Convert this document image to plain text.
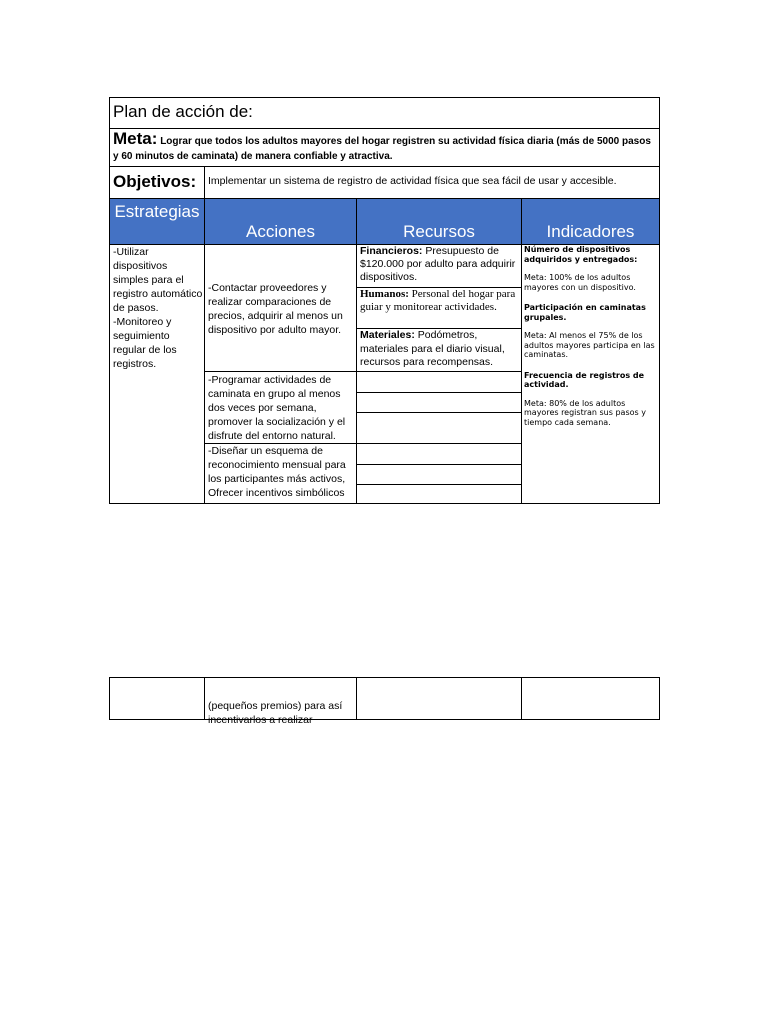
Plan de acción de:
Meta: Lograr que todos los adultos mayores del hogar registren su actividad física diaria (más de 5000 pasos y 60 minutos de caminata) de manera confiable y atractiva.
Objetivos: Implementar un sistema de registro de actividad física que sea fácil de usar y accesible.
Estrategias
Acciones	Recursos	Indicadores
-Utilizar dispositivos simples para el registro automático de pasos.
-Monitoreo y seguimiento regular de los registros.
-Contactar proveedores y realizar comparaciones de precios, adquirir al menos un dispositivo por adulto mayor.
-Programar actividades de caminata en grupo al menos dos veces por semana, promover la socialización y el disfrute del entorno natural.
-Diseñar un esquema de reconocimiento mensual para los participantes más activos, Ofrecer incentivos simbólicos
Financieros: Presupuesto de $120.000 por adulto para adquirir dispositivos.
Humanos: Personal del hogar para guiar y monitorear actividades.
Materiales: Podómetros, materiales para el diario visual, recursos para recompensas.
Número de dispositivos adquiridos y entregados:
Meta: 100% de los adultos mayores con un dispositivo.
Participación en caminatas grupales.
Meta: Al menos el 75% de los adultos mayores participa en las caminatas.
Frecuencia de registros de actividad.
Meta: 80% de los adultos mayores registran sus pasos y tiempo cada semana.
(pequeños premios) para así incentivarlos a realizar
